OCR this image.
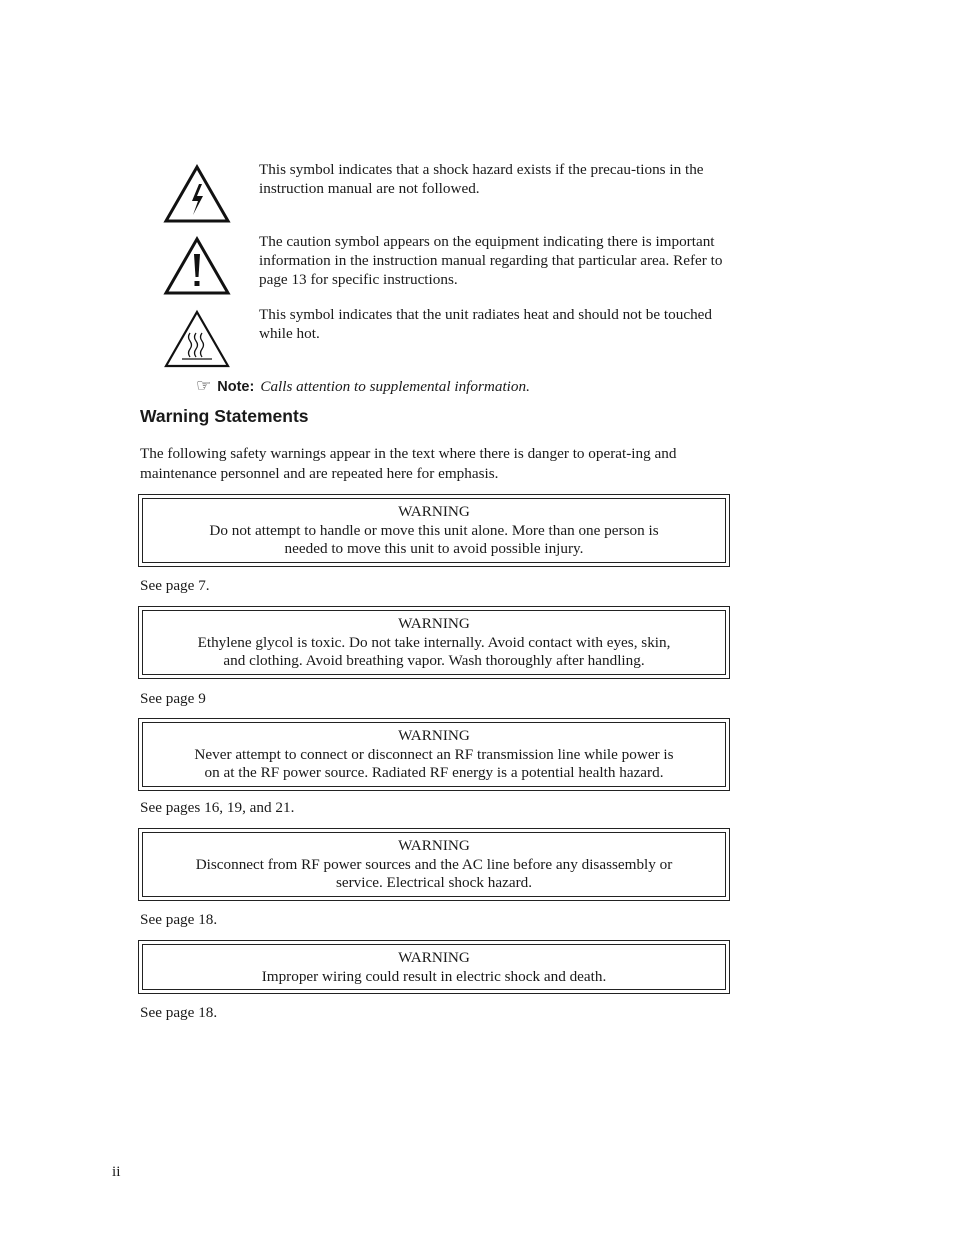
This symbol indicates that a shock hazard exists if the precau-tions in the instruction manual are not followed.

The caution symbol appears on the equipment indicating there is important information in the instruction manual regarding that particular area. Refer to page 13 for specific instructions.

This symbol indicates that the unit radiates heat and should not be touched while hot.

☞ Note: Calls attention to supplemental information.
Warning Statements

The following safety warnings appear in the text where there is danger to operat-ing and maintenance personnel and are repeated here for emphasis.

WARNING
Do not attempt to handle or move this unit alone. More than one person is
needed to move this unit to avoid possible injury.

See page 7.

WARNING
Ethylene glycol is toxic. Do not take internally. Avoid contact with eyes, skin,
and clothing. Avoid breathing vapor. Wash thoroughly after handling.

See page 9

WARNING
Never attempt to connect or disconnect an RF transmission line while power is
on at the RF power source. Radiated RF energy is a potential health hazard.

See pages 16, 19, and 21.

WARNING
Disconnect from RF power sources and the AC line before any disassembly or
service. Electrical shock hazard.

See page 18.

WARNING
Improper wiring could result in electric shock and death.

See page 18.

ii
